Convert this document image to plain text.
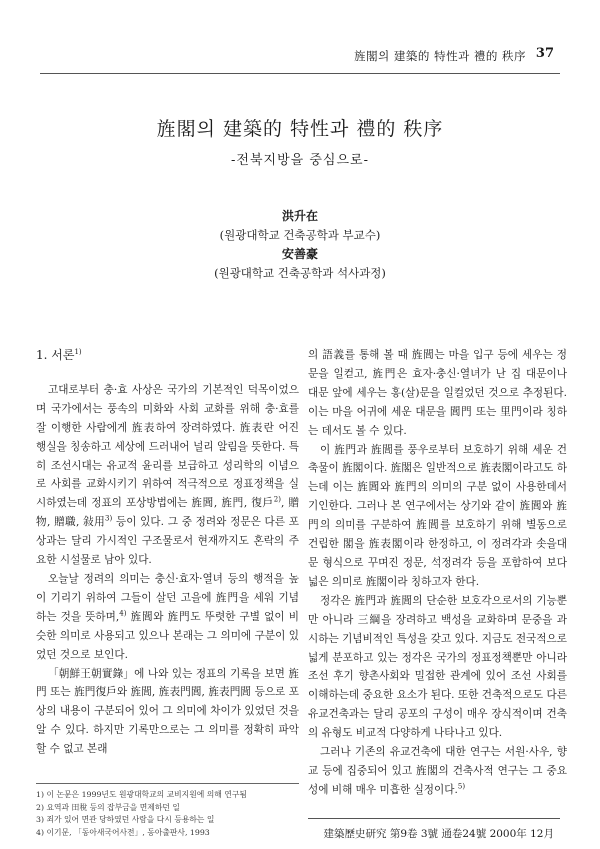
旌閣의 建築的 特性과 禮的 秩序 37
旌閣의 建築的 特性과 禮的 秩序
-전북지방을 중심으로-
洪升在
(원광대학교 건축공학과 부교수)
安善豪
(원광대학교 건축공학과 석사과정)
1. 서론$^{1)}$

고대로부터 충·효 사상은 국가의 기본적인 덕목이었으며 국가에서는 풍속의 미화와 사회 교화를 위해 충·효를 잘 이행한 사람에게 旌表하여 장려하였다. 旌表란 어진 행실을 칭송하고 세상에 드러내어 널리 알림을 뜻한다. 특히 조선시대는 유교적 윤리를 보급하고 성리학의 이념으로 사회를 교화시키기 위하여 적극적으로 정표정책을 실시하였는데 정표의 포상방법에는 旌閭, 旌門, 復戶$^{2)}$, 贈物, 贈職, 敍用$^{3)}$ 등이 있다. 그 중 정려와 정문은 다른 포상과는 달리 가시적인 구조물로서 현재까지도 혼락의 주요한 시설물로 남아 있다.

오늘날 정려의 의미는 충신·효자·열녀 등의 행적을 높이 기리기 위하여 그들이 살던 고을에 旌門을 세워 기념하는 것을 뜻하며,$^{4)}$ 旌閭와 旌門도 뚜렷한 구별 없이 비슷한 의미로 사용되고 있으나 본래는 그 의미에 구분이 있었던 것으로 보인다.

「朝鮮王朝實錄」에 나와 있는 정표의 기록을 보면 旌門 또는 旌門復戶와 旌閭, 旌表門閭, 旌表門閭 등으로 포상의 내용이 구분되어 있어 그 의미에 차이가 있었던 것을 알 수 있다. 하지만 기록만으로는 그 의미를 정확히 파악할 수 없고 본래

의 語義를 통해 볼 때 旌閭는 마을 입구 등에 세우는 정문을 일컫고, 旌門은 효자·충신·열녀가 난 집 대문이나 대문 앞에 세우는 홍(살)문을 일컬었던 것으로 추정된다. 이는 마을 어귀에 세운 대문을 閭門 또는 里門이라 칭하는 데서도 볼 수 있다.

이 旌門과 旌閭를 풍우로부터 보호하기 위해 세운 건축물이 旌閣이다. 旌閣은 일반적으로 旌表閣이라고도 하는데 이는 旌閭와 旌門의 의미의 구분 없이 사용한데서 기인한다. 그러나 본 연구에서는 상기와 같이 旌閭와 旌門의 의미를 구분하여 旌閭를 보호하기 위해 별동으로 건립한 閣을 旌表閣이라 한정하고, 이 정려각과 솟을대문 형식으로 꾸며진 정문, 석정려각 등을 포함하여 보다 넓은 의미로 旌閣이라 칭하고자 한다.

정각은 旌門과 旌閭의 단순한 보호각으로서의 기능뿐만 아니라 三綱을 장려하고 백성을 교화하며 문중을 과시하는 기념비적인 특성을 갖고 있다. 지금도 전국적으로 넓게 분포하고 있는 정각은 국가의 정표정책뿐만 아니라 조선 후기 향촌사회와 밀접한 관계에 있어 조선 사회를 이해하는데 중요한 요소가 된다. 또한 건축적으로도 다른 유교건축과는 달리 공포의 구성이 매우 장식적이며 건축의 유형도 비교적 다양하게 나타나고 있다.

그러나 기존의 유교건축에 대한 연구는 서원·사우, 향교 등에 집중되어 있고 旌閣의 건축사적 연구는 그 중요성에 비해 매우 미흡한 실정이다.$^{5)}$

1) 이 논문은 1999년도 원광대학교의 교비지원에 의해 연구됨
2) 요역과 田稅 등의 잡부금을 면제하던 일
3) 죄가 있어 면관 당하였던 사람을 다시 등용하는 일
4) 이기문, 「동아새국어사전」, 동아출판사, 1993	建築歷史研究 第9卷 3號 通卷24號 2000年 12月
